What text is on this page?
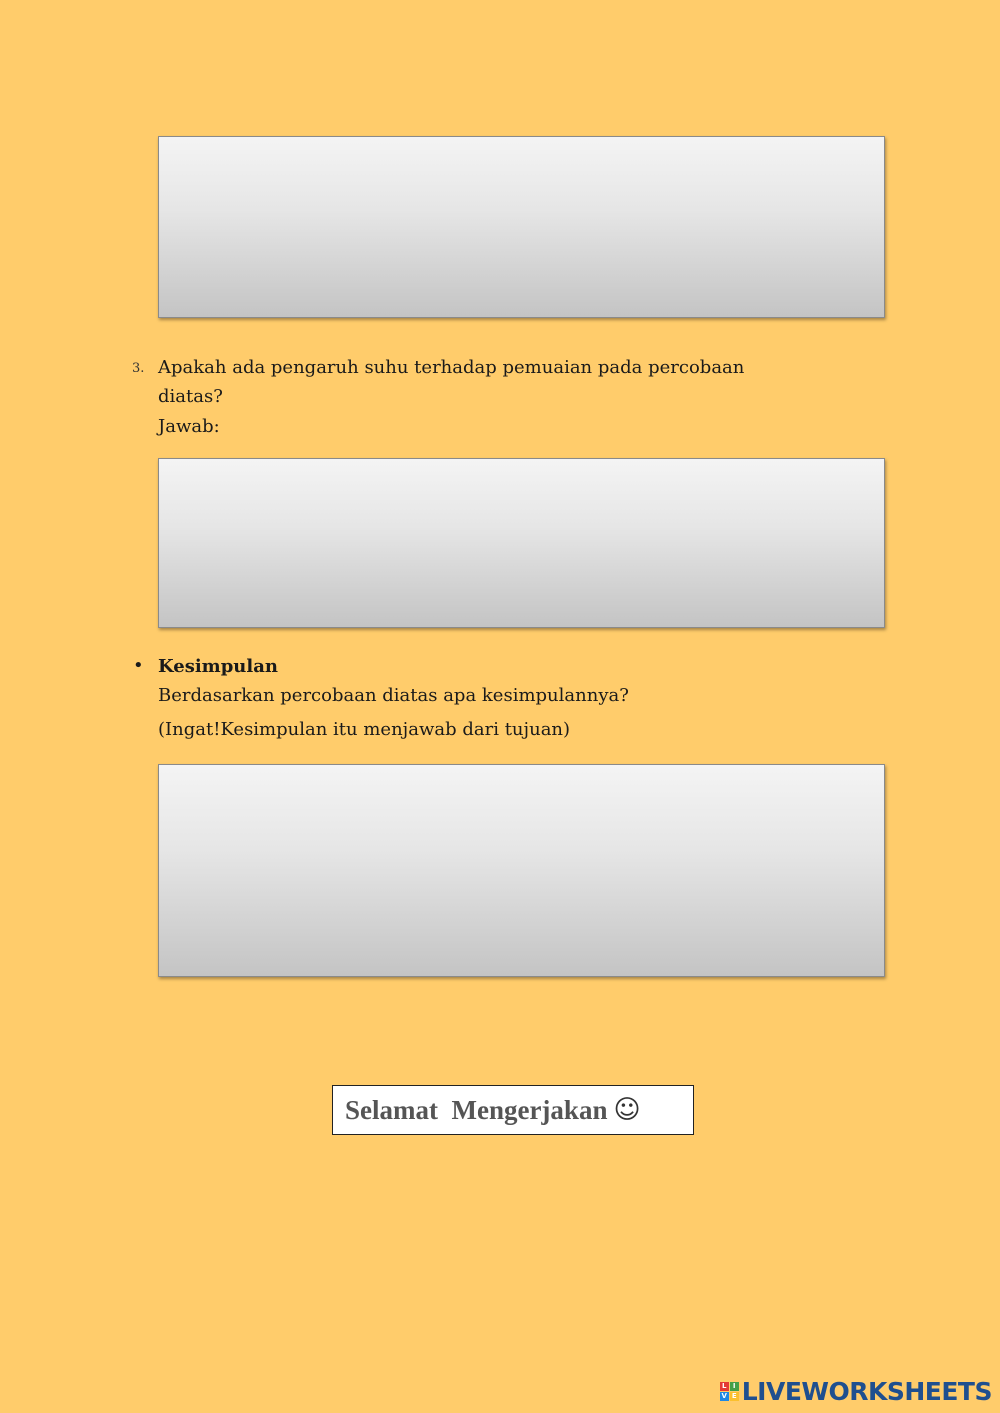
3. Apakah ada pengaruh suhu terhadap pemuaian pada percobaan
diatas?
Jawab:
• Kesimpulan
Berdasarkan percobaan diatas apa kesimpulannya?
(Ingat!Kesimpulan itu menjawab dari tujuan)
Selamat  Mengerjakan ☺
L I
V E LIVEWORKSHEETS
